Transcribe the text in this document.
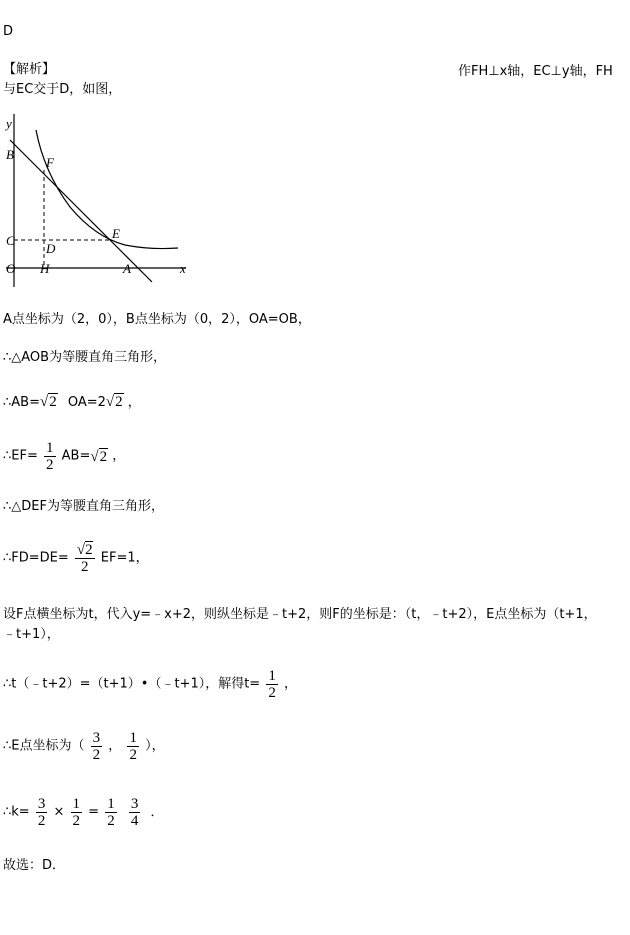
D
【解析】	作FH⊥x轴，EC⊥y轴，FH
与EC交于D，如图，
y
B
F
E
C
D
O H	A	x
A点坐标为（2，0），B点坐标为（0，2），OA=OB，
∴△AOB为等腰直角三角形，
∴AB=√2 OA=2√2 ，
∴EF= $\frac{1}{2} AB=√2$ ，
∴△DEF为等腰直角三角形，
∴FD=DE= $\frac{√2}{2} EF=1$，
设F点横坐标为t，代入y=﹣x+2，则纵坐标是﹣t+2，则F的坐标是：（t，﹣t+2），E点坐标为（t+1，
﹣t+1），
∴t（﹣t+2）=（t+1）•（﹣t+1），解得$t= \frac{1}{2}$ ，
∴E点坐标为（ $\frac{3}{2}$ ， $\frac{1}{2}$ ），
∴k= $\frac{3}{2} \times \frac{1}{2} = \frac{1}{2}$
$\frac{3}{4}$ ．
故选：D．
